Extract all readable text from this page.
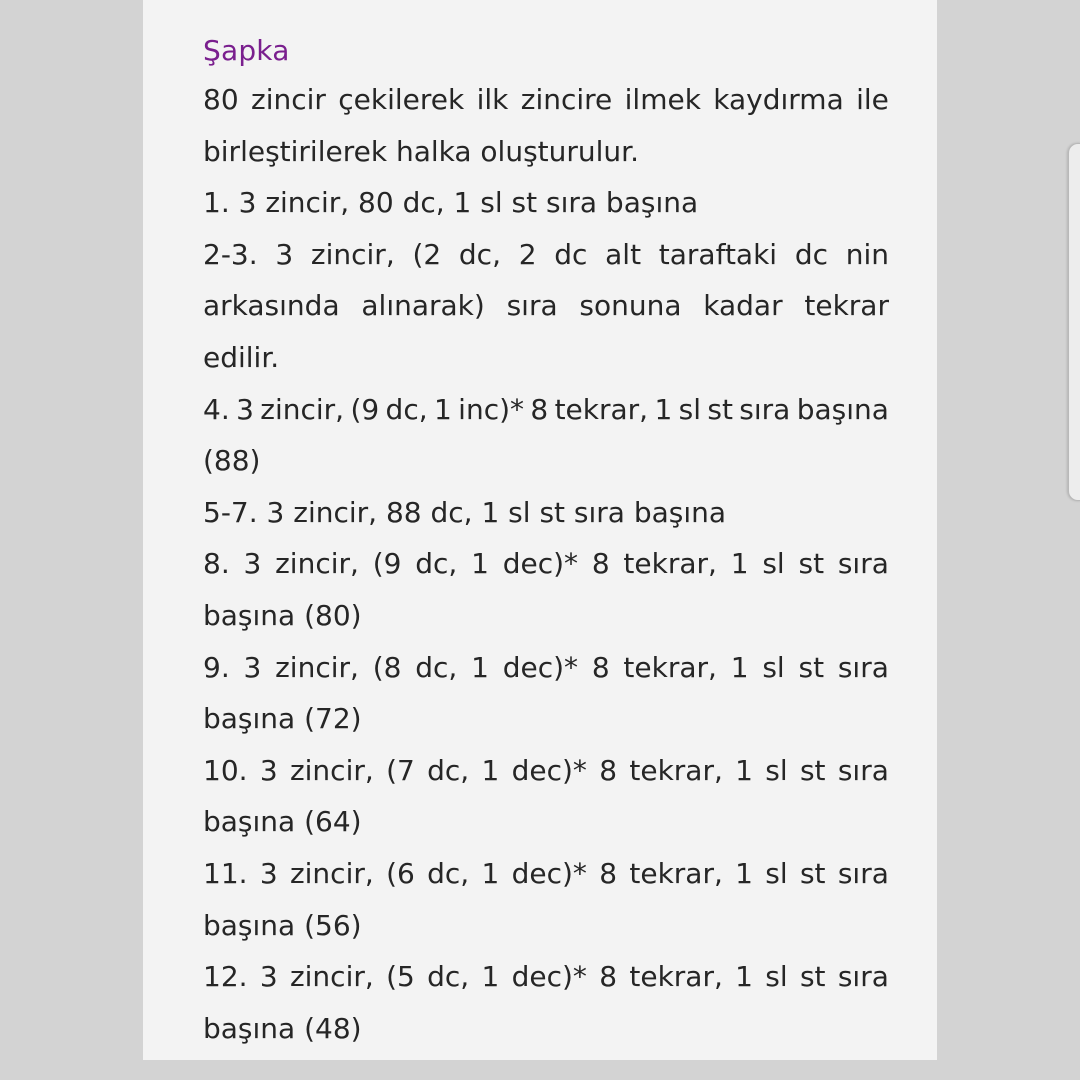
Şapka
80 zincir çekilerek ilk zincire ilmek kaydırma ile
birleştirilerek halka oluşturulur.
1. 3 zincir, 80 dc, 1 sl st sıra başına
2-3. 3 zincir, (2 dc, 2 dc alt taraftaki dc nin
arkasında alınarak) sıra sonuna kadar tekrar
edilir.
4. 3 zincir, (9 dc, 1 inc)* 8 tekrar, 1 sl st sıra başına
(88)
5-7. 3 zincir, 88 dc, 1 sl st sıra başına
8. 3 zincir, (9 dc, 1 dec)* 8 tekrar, 1 sl st sıra
başına (80)
9. 3 zincir, (8 dc, 1 dec)* 8 tekrar, 1 sl st sıra
başına (72)
10. 3 zincir, (7 dc, 1 dec)* 8 tekrar, 1 sl st sıra
başına (64)
11. 3 zincir, (6 dc, 1 dec)* 8 tekrar, 1 sl st sıra
başına (56)
12. 3 zincir, (5 dc, 1 dec)* 8 tekrar, 1 sl st sıra
başına (48)
